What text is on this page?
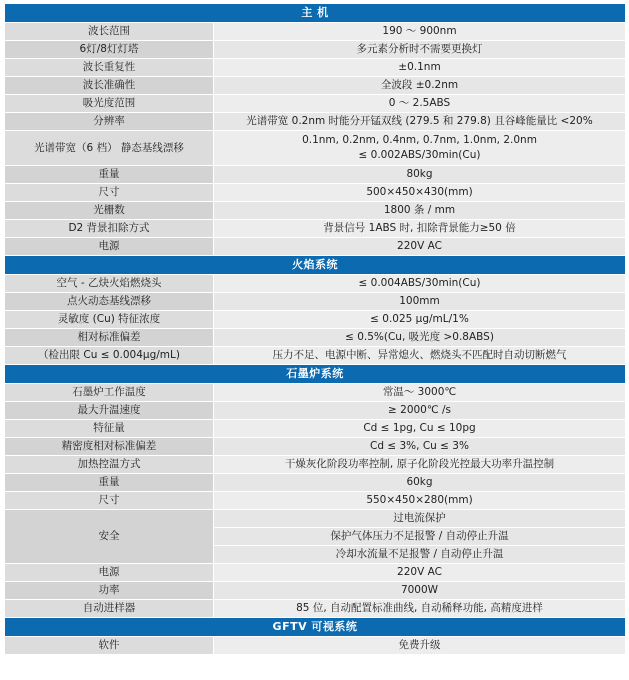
主 机	
波长范围	190 ～ 900nm
6灯/8灯灯塔	多元素分析时不需要更换灯
波长重复性	±0.1nm
波长准确性	全波段 ±0.2nm
吸光度范围	0 ～ 2.5ABS
分辨率	光谱带宽 0.2nm 时能分开锰双线 (279.5 和 279.8) 且谷峰能量比 <20%
光谱带宽（6 档） 静态基线漂移	0.1nm, 0.2nm, 0.4nm, 0.7nm, 1.0nm, 2.0nm
≤ 0.002ABS/30min(Cu)

重量	80kg
尺寸	500×450×430(mm)
光栅数	1800 条 / mm
D2 背景扣除方式	背景信号 1ABS 时, 扣除背景能力≥50 倍
电源	220V AC
火焰系统	
空气 - 乙炔火焰燃烧头	≤ 0.004ABS/30min(Cu)
点火动态基线漂移	100mm
灵敏度 (Cu) 特征浓度	≤ 0.025 μg/mL/1%
相对标准偏差	≤ 0.5%(Cu, 吸光度 >0.8ABS)
（检出限 Cu ≤ 0.004μg/mL)	压力不足、电源中断、异常熄火、燃烧头不匹配时自动切断燃气
石墨炉系统	
石墨炉工作温度	常温～ 3000℃
最大升温速度	≥ 2000℃ /s
特征量	Cd ≤ 1pg, Cu ≤ 10pg
精密度相对标准偏差	Cd ≤ 3%, Cu ≤ 3%
加热控温方式	干燥灰化阶段功率控制, 原子化阶段光控最大功率升温控制
重量	60kg
尺寸	550×450×280(mm)
安全	过电流保护
保护气体压力不足报警 / 自动停止升温
冷却水流量不足报警 / 自动停止升温

电源	220V AC
功率	7000W
自动进样器	85 位, 自动配置标准曲线, 自动稀释功能, 高精度进样
GFTV 可视系统	
软件	免费升级
